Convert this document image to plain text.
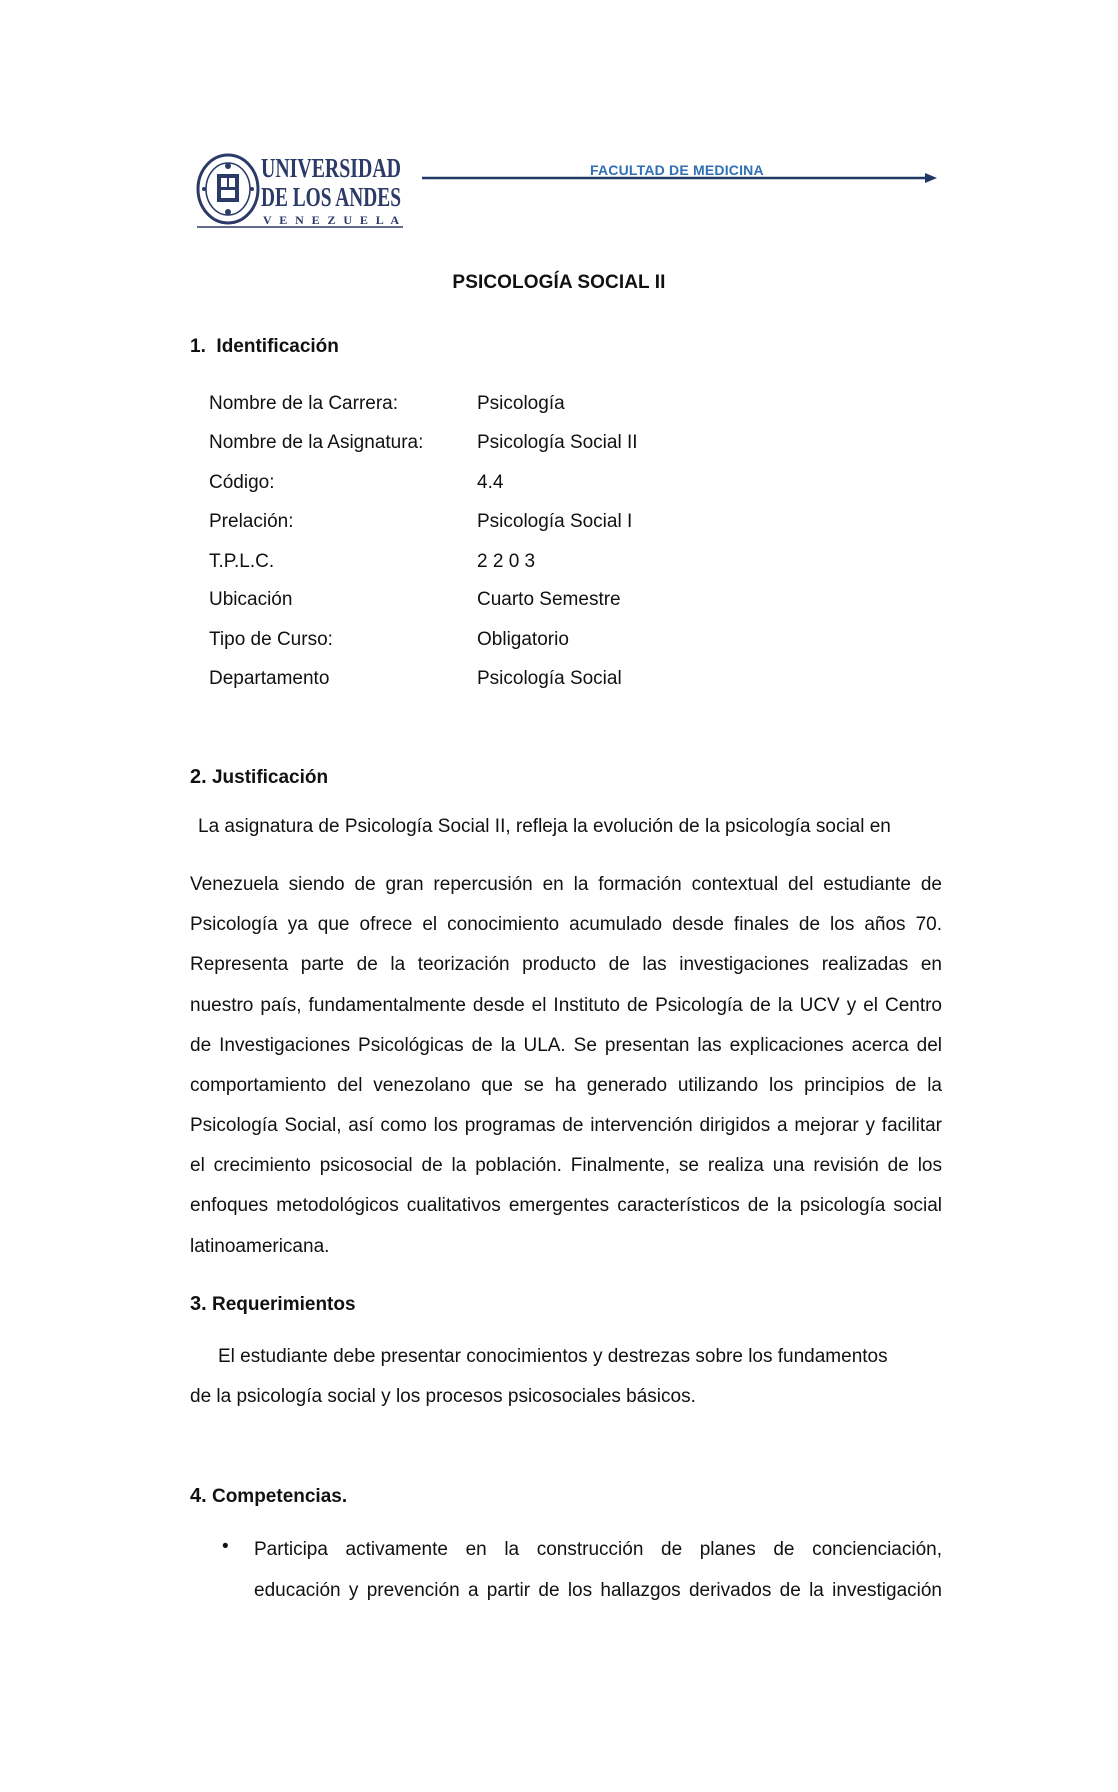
UNIVERSIDAD
DE LOS ANDES
V E N E Z U E L A
FACULTAD DE MEDICINA
PSICOLOGÍA SOCIAL II
1. Identificación
Nombre de la Carrera:	Psicología
Nombre de la Asignatura:	Psicología Social II
Código:	4.4
Prelación:	Psicología Social I
T.P.L.C.	2 2 0 3
Ubicación	Cuarto Semestre
Tipo de Curso:	Obligatorio
Departamento	Psicología Social
2. Justificación
La asignatura de Psicología Social II, refleja la evolución de la psicología social en
Venezuela siendo de gran repercusión en la formación contextual del estudiante de
Psicología ya que ofrece el conocimiento acumulado desde finales de los años 70.
Representa parte de la teorización producto de las investigaciones realizadas en
nuestro país, fundamentalmente desde el Instituto de Psicología de la UCV y el Centro
de Investigaciones Psicológicas de la ULA. Se presentan las explicaciones acerca del
comportamiento del venezolano que se ha generado utilizando los principios de la
Psicología Social, así como los programas de intervención dirigidos a mejorar y facilitar
el crecimiento psicosocial de la población. Finalmente, se realiza una revisión de los
enfoques metodológicos cualitativos emergentes característicos de la psicología social
latinoamericana.
3. Requerimientos
El estudiante debe presentar conocimientos y destrezas sobre los fundamentos
de la psicología social y los procesos psicosociales básicos.
4. Competencias.
• Participa activamente en la construcción de planes de concienciación,
educación y prevención a partir de los hallazgos derivados de la investigación
